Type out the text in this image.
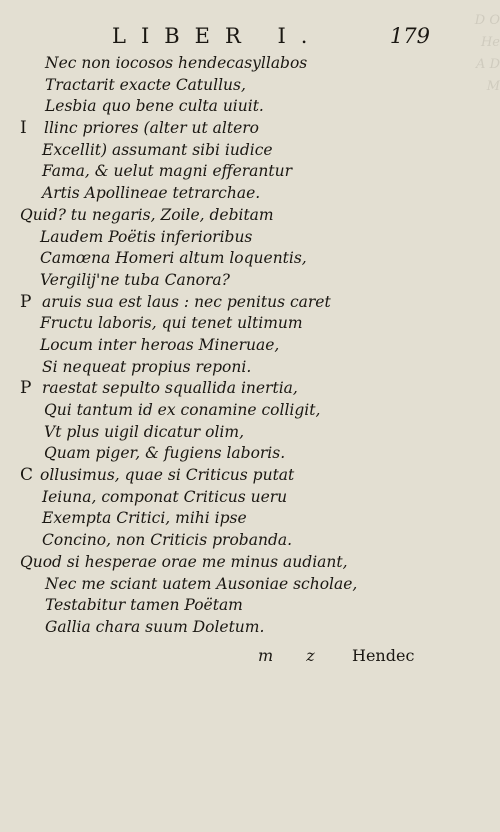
D O
He
A D
M

LIBER I.	179
Nec non iocosos hendecasyllabos
Tractarit exacte Catullus,
Lesbia quo bene culta uiuit.
I llinc priores (alter ut altero
Excellit) assumant sibi iudice
Fama, & uelut magni efferantur
Artis Apollineae tetrarchae.
Quid? tu negaris, Zoile, debitam
Laudem Poëtis inferioribus
Camœna Homeri altum loquentis,
Vergilij'ne tuba Canora?
P aruis sua est laus : nec penitus caret
Fructu laboris, qui tenet ultimum
Locum inter heroas Mineruae,
Si nequeat propius reponi.
P raestat sepulto squallida inertia,
Qui tantum id ex conamine colligit,
Vt plus uigil dicatur olim,
Quam piger, & fugiens laboris.
C ollusimus, quae si Criticus putat
Ieiuna, componat Criticus ueru
Exempta Critici, mihi ipse
Concino, non Criticis probanda.
Quod si hesperae orae me minus audiant,
Nec me sciant uatem Ausoniae scholae,
Testabitur tamen Poëtam
Gallia chara suum Doletum.
m z Hendec
